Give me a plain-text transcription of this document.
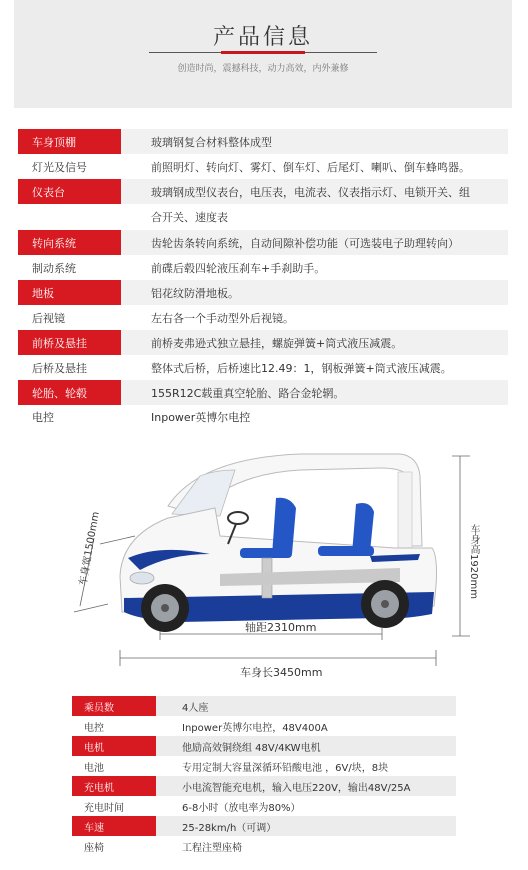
产品信息
创造时尚，震撼科技，动力高效，内外兼修
车身顶棚	玻璃钢复合材料整体成型
灯光及信号	前照明灯、转向灯、雾灯、倒车灯、后尾灯、喇叭、倒车蜂鸣器。
仪表台	玻璃钢成型仪表台，电压表，电流表、仪表指示灯、电锁开关、组
合开关、速度表
转向系统	齿轮齿条转向系统，自动间隙补偿功能（可选装电子助理转向）
制动系统	前碟后毂四轮液压刹车+手刹助手。
地板	铝花纹防滑地板。
后视镜	左右各一个手动型外后视镜。
前桥及悬挂	前桥麦弗逊式独立悬挂，螺旋弹簧+筒式液压减震。
后桥及悬挂	整体式后桥，后桥速比12.49：1，钢板弹簧+筒式液压减震。
轮胎、轮毂	155R12C载重真空轮胎、路合金轮辋。
电控	Inpower英博尔电控
轴距2310mm
车身长3450mm
车身高1920mm
车身宽1500mm
乘员数	4人座
电控	Inpower英博尔电控，48V400A
电机	他励高效铜绕组 48V/4KW电机
电池	专用定制大容量深循环铅酸电池 ，6V/块，8块
充电机	小电流智能充电机，输入电压220V，输出48V/25A
充电时间	6-8小时（放电率为80%）
车速	25-28km/h（可调）
座椅	工程注塑座椅
